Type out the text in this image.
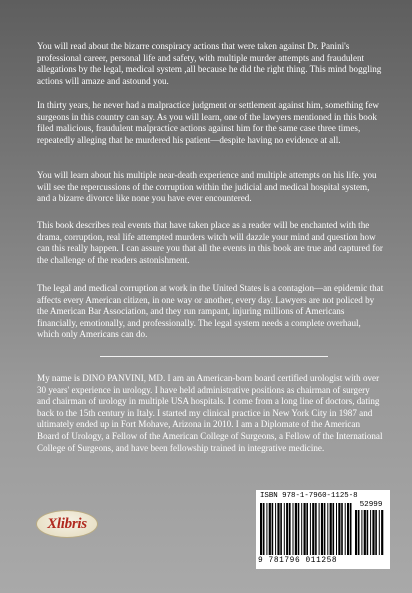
You will read about the bizarre conspiracy actions that were taken against Dr. Panini's professional career, personal life and safety, with multiple murder attempts and fraudulent allegations by the legal, medical system ,all because he did the right thing. This mind boggling actions will amaze and astound you.

In thirty years, he never had a malpractice judgment or settlement against him, something few surgeons in this country can say. As you will learn, one of the lawyers mentioned in this book filed malicious, fraudulent malpractice actions against him for the same case three times, repeatedly alleging that he murdered his patient—despite having no evidence at all.

You will learn about his multiple near-death experience and multiple attempts on his life. you will see the repercussions of the corruption within the judicial and medical hospital system, and a bizarre divorce like none you have ever encountered.

This book describes real events that have taken place as a reader will be enchanted with the drama, corruption, real life attempted murders witch will dazzle your mind and question how can this really happen. I can assure you that all the events in this book are true and captured for the challenge of the readers astonishment.

The legal and medical corruption at work in the United States is a contagion—an epidemic that affects every American citizen, in one way or another, every day. Lawyers are not policed by the American Bar Association, and they run rampant, injuring millions of Americans financially, emotionally, and professionally. The legal system needs a complete overhaul, which only Americans can do.

My name is DINO PANVINI, MD. I am an American-born board certified urologist with over 30 years' experience in urology. I have held administrative positions as chairman of surgery and chairman of urology in multiple USA hospitals. I come from a long line of doctors, dating back to the 15th century in Italy. I started my clinical practice in New York City in 1987 and ultimately ended up in Fort Mohave, Arizona in 2010. I am a Diplomate of the American Board of Urology, a Fellow of the American College of Surgeons, a Fellow of the International College of Surgeons, and have been fellowship trained in integrative medicine.

Xlibris
ISBN 978-1-7960-1125-8
52999
9 781796 011258
